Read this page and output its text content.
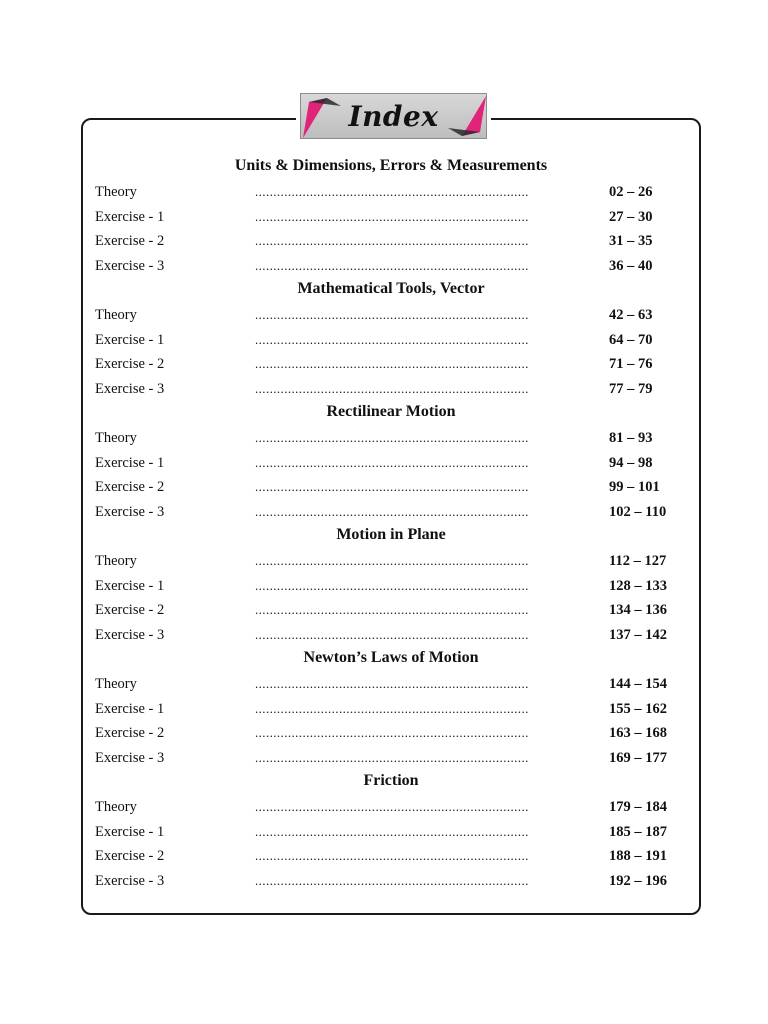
Index
Units & Dimensions, Errors & Measurements
Theory	...........................................................................	02 – 26
Exercise - 1	...........................................................................	27 – 30
Exercise - 2	...........................................................................	31 – 35
Exercise - 3	...........................................................................	36 – 40
Mathematical Tools, Vector
Theory	...........................................................................	42 – 63
Exercise - 1	...........................................................................	64 – 70
Exercise - 2	...........................................................................	71 – 76
Exercise - 3	...........................................................................	77 – 79
Rectilinear Motion
Theory	...........................................................................	81 – 93
Exercise - 1	...........................................................................	94 – 98
Exercise - 2	...........................................................................	99 – 101
Exercise - 3	...........................................................................	102 – 110
Motion in Plane
Theory	...........................................................................	112 – 127
Exercise - 1	...........................................................................	128 – 133
Exercise - 2	...........................................................................	134 – 136
Exercise - 3	...........................................................................	137 – 142
Newton’s Laws of Motion
Theory	...........................................................................	144 – 154
Exercise - 1	...........................................................................	155 – 162
Exercise - 2	...........................................................................	163 – 168
Exercise - 3	...........................................................................	169 – 177
Friction
Theory	...........................................................................	179 – 184
Exercise - 1	...........................................................................	185 – 187
Exercise - 2	...........................................................................	188 – 191
Exercise - 3	...........................................................................	192 – 196
